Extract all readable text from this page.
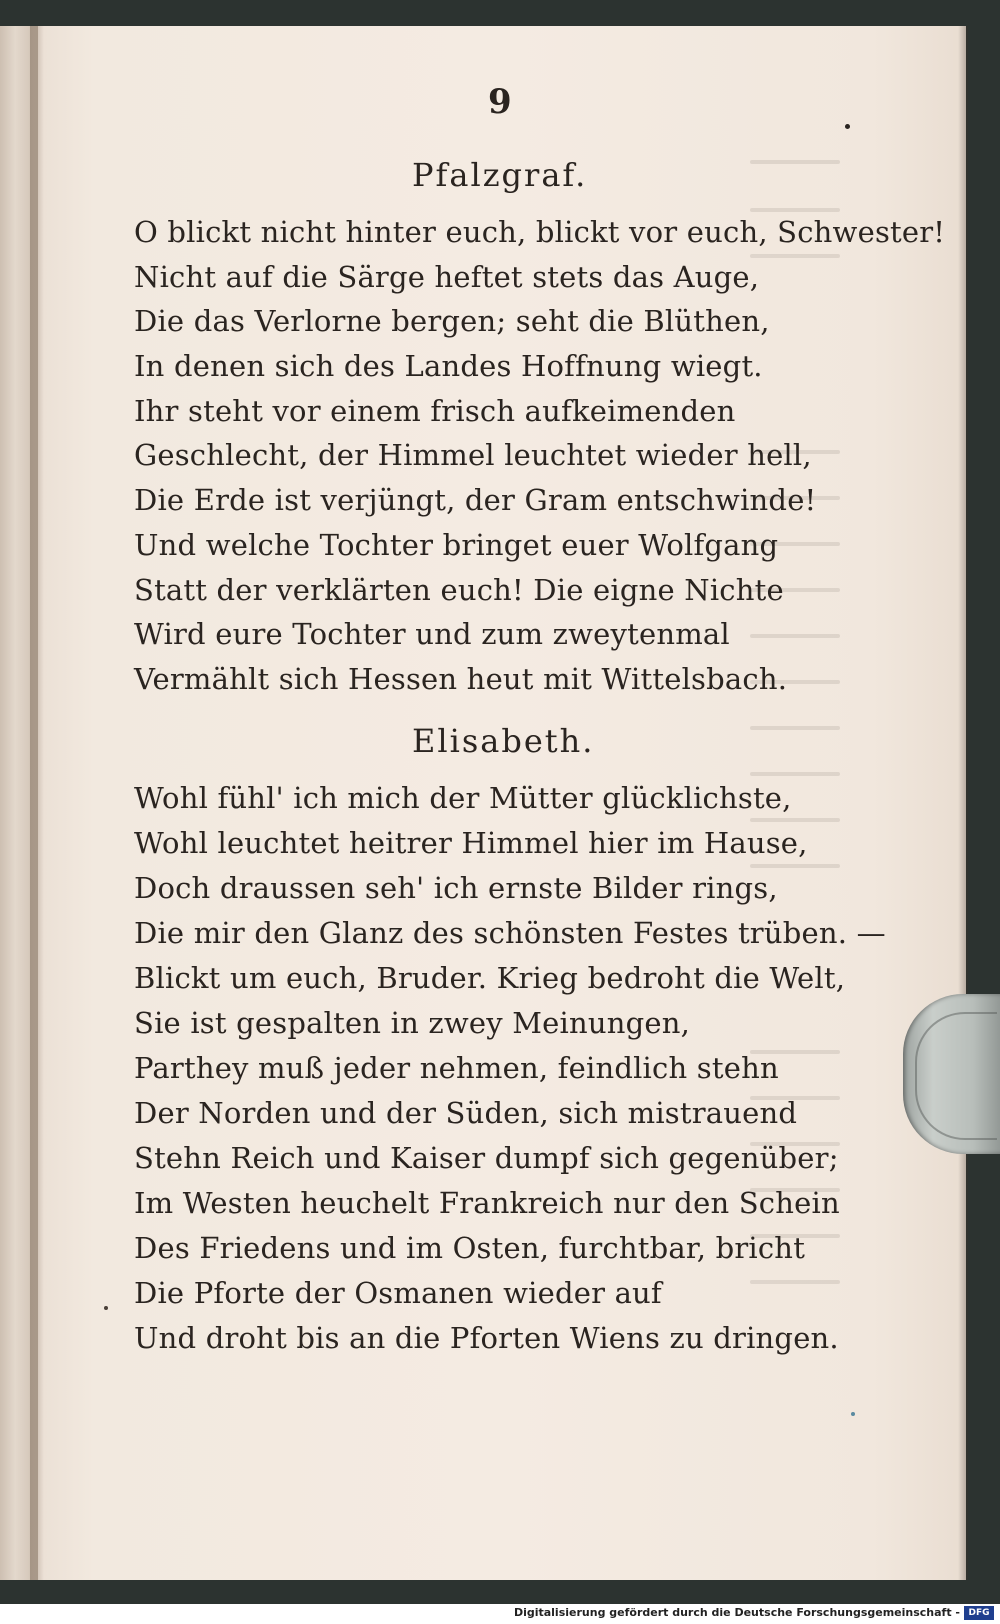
9
Pfalzgraf.
O blickt nicht hinter euch, blickt vor euch, Schwester!
Nicht auf die Särge heftet stets das Auge,
Die das Verlorne bergen; seht die Blüthen,
In denen sich des Landes Hoffnung wiegt.
Ihr steht vor einem frisch aufkeimenden
Geschlecht, der Himmel leuchtet wieder hell,
Die Erde ist verjüngt, der Gram entschwinde!
Und welche Tochter bringet euer Wolfgang
Statt der verklärten euch! Die eigne Nichte
Wird eure Tochter und zum zweytenmal
Vermählt sich Hessen heut mit Wittelsbach.
Elisabeth.
Wohl fühl' ich mich der Mütter glücklichste,
Wohl leuchtet heitrer Himmel hier im Hause,
Doch draussen seh' ich ernste Bilder rings,
Die mir den Glanz des schönsten Festes trüben. —
Blickt um euch, Bruder. Krieg bedroht die Welt,
Sie ist gespalten in zwey Meinungen,
Parthey muß jeder nehmen, feindlich stehn
Der Norden und der Süden, sich mistrauend
Stehn Reich und Kaiser dumpf sich gegenüber;
Im Westen heuchelt Frankreich nur den Schein
Des Friedens und im Osten, furchtbar, bricht
Die Pforte der Osmanen wieder auf
Und droht bis an die Pforten Wiens zu dringen.
Digitalisierung gefördert durch die Deutsche Forschungsgemeinschaft - DFG
